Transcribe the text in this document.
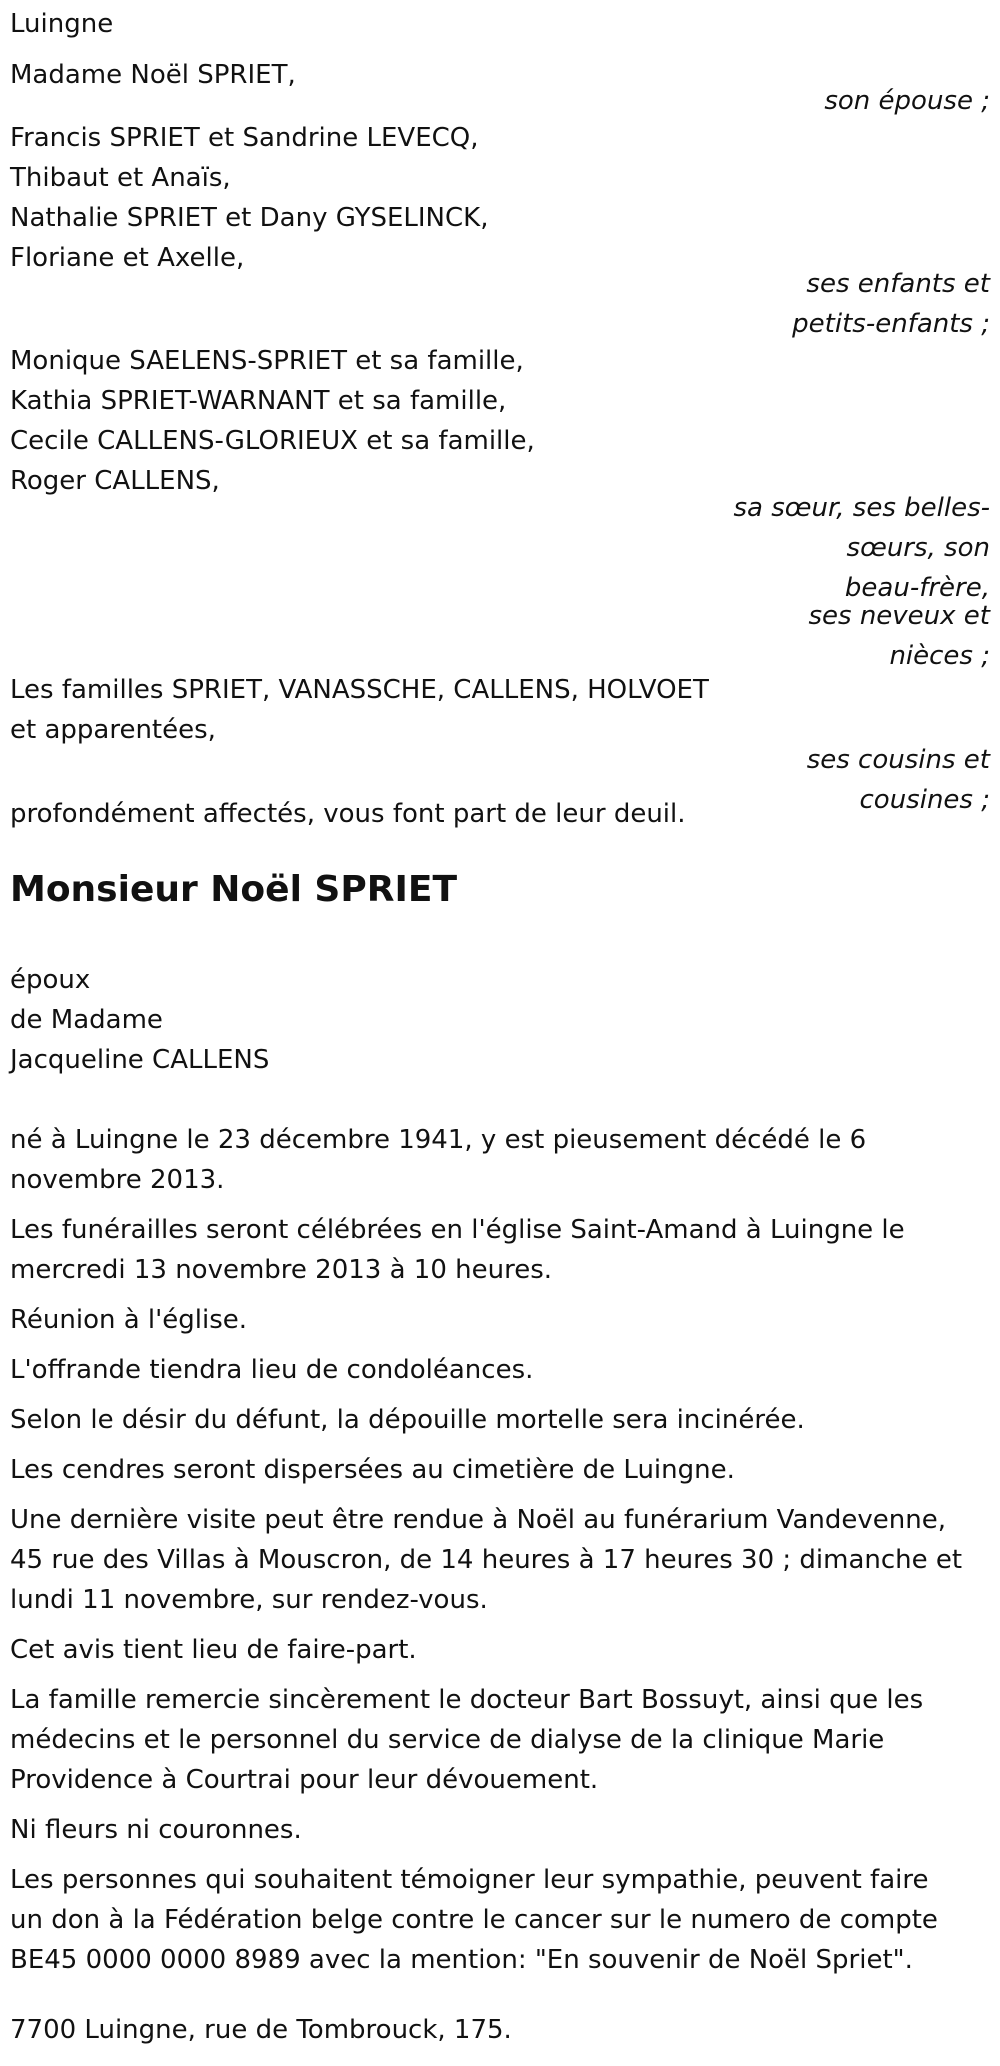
Luingne
Madame Noël SPRIET,
son épouse ;
Francis SPRIET et Sandrine LEVECQ,
Thibaut et Anaïs,
Nathalie SPRIET et Dany GYSELINCK,
Floriane et Axelle,
ses enfants et
petits-enfants ;
Monique SAELENS-SPRIET et sa famille,
Kathia SPRIET-WARNANT et sa famille,
Cecile CALLENS-GLORIEUX et sa famille,
Roger CALLENS,
sa sœur, ses belles-
sœurs, son
beau-frère,
ses neveux et
nièces ;
Les familles SPRIET, VANASSCHE, CALLENS, HOLVOET
et apparentées,
ses cousins et
cousines ;
profondément affectés, vous font part de leur deuil.
Monsieur Noël SPRIET
époux
de Madame
Jacqueline CALLENS
né à Luingne le 23 décembre 1941, y est pieusement décédé le 6
novembre 2013.
Les funérailles seront célébrées en l'église Saint-Amand à Luingne le
mercredi 13 novembre 2013 à 10 heures.
Réunion à l'église.
L'offrande tiendra lieu de condoléances.
Selon le désir du défunt, la dépouille mortelle sera incinérée.
Les cendres seront dispersées au cimetière de Luingne.
Une dernière visite peut être rendue à Noël au funérarium Vandevenne,
45 rue des Villas à Mouscron, de 14 heures à 17 heures 30 ; dimanche et
lundi 11 novembre, sur rendez-vous.
Cet avis tient lieu de faire-part.
La famille remercie sincèrement le docteur Bart Bossuyt, ainsi que les
médecins et le personnel du service de dialyse de la clinique Marie
Providence à Courtrai pour leur dévouement.
Ni fleurs ni couronnes.
Les personnes qui souhaitent témoigner leur sympathie, peuvent faire
un don à la Fédération belge contre le cancer sur le numero de compte
BE45 0000 0000 8989 avec la mention: "En souvenir de Noël Spriet".
7700 Luingne, rue de Tombrouck, 175.
